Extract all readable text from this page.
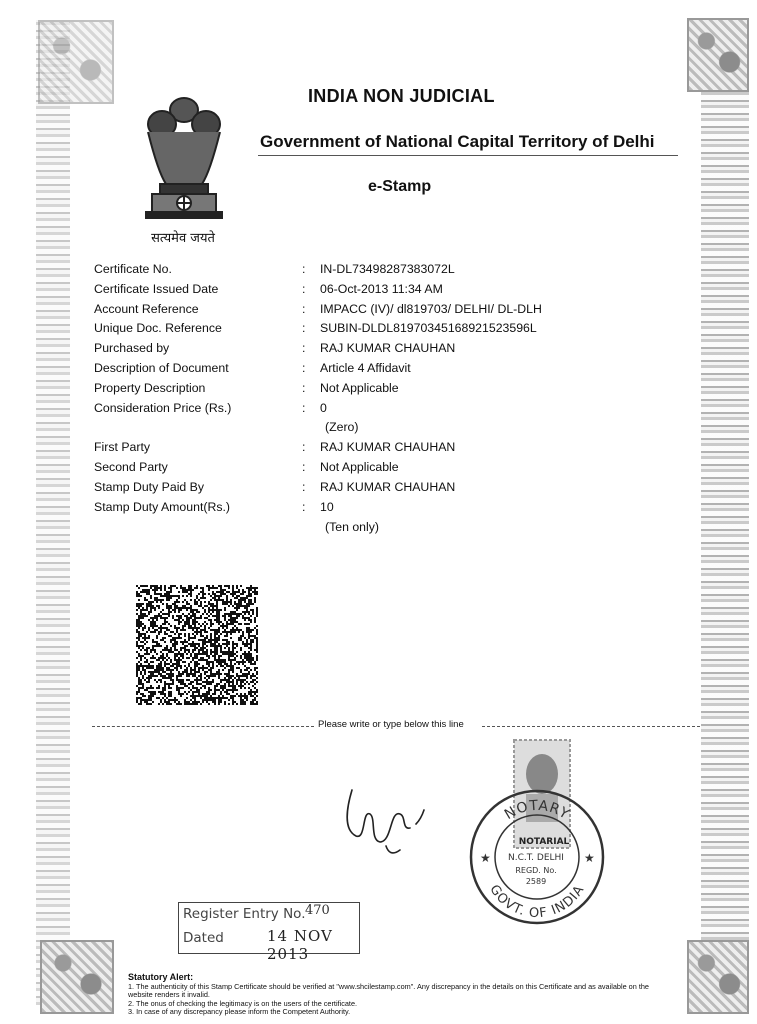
सत्यमेव जयते
INDIA NON JUDICIAL
Government of National Capital Territory of Delhi
e-Stamp
Certificate No.	: IN-DL73498287383072L
Certificate Issued Date	: 06-Oct-2013 11:34 AM
Account Reference	: IMPACC (IV)/ dl819703/ DELHI/ DL-DLH
Unique Doc. Reference	: SUBIN-DLDL81970345168921523596L
Purchased by	: RAJ KUMAR CHAUHAN
Description of Document	: Article 4 Affidavit
Property Description	: Not Applicable
Consideration Price (Rs.)	: 0
(Zero)
First Party	: RAJ KUMAR CHAUHAN
Second Party	: Not Applicable
Stamp Duty Paid By	: RAJ KUMAR CHAUHAN
Stamp Duty Amount(Rs.)	: 10
(Ten only)
Please write or type below this line
NOTARY
GOVT. OF INDIA
NOTARIAL
N.C.T. DELHI
REGD. No.
2589
★	★
Register Entry No. 470
Dated	14 NOV 2013
Statutory Alert:
1. The authenticity of this Stamp Certificate should be verified at "www.shcilestamp.com". Any discrepancy in the details on this Certificate and as available on the website renders it invalid.
2. The onus of checking the legitimacy is on the users of the certificate.
3. In case of any discrepancy please inform the Competent Authority.
